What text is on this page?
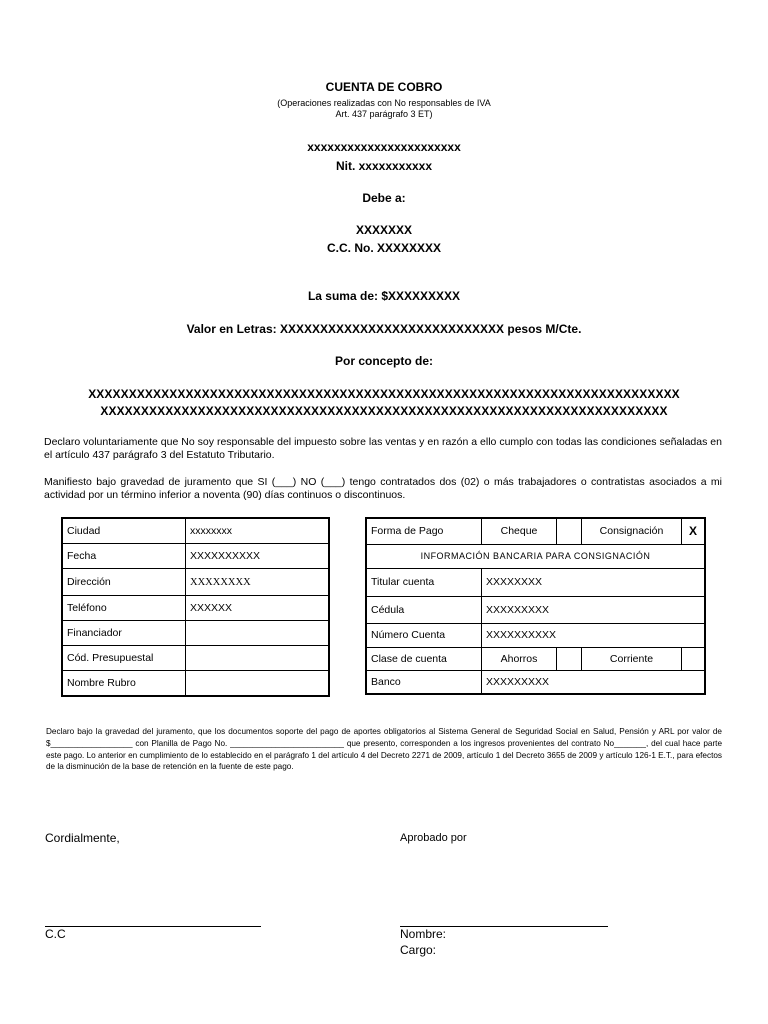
CUENTA DE COBRO
(Operaciones realizadas con No responsables de IVA
Art. 437 parágrafo 3 ET)
xxxxxxxxxxxxxxxxxxxxxxx
Nit. xxxxxxxxxxx
Debe a:
XXXXXXX
C.C. No. XXXXXXXX
La suma de: $XXXXXXXXX
Valor en Letras: XXXXXXXXXXXXXXXXXXXXXXXXXXXX pesos M/Cte.
Por concepto de:
XXXXXXXXXXXXXXXXXXXXXXXXXXXXXXXXXXXXXXXXXXXXXXXXXXXXXXXXXXXXXXXXXXXXXXXXX
XXXXXXXXXXXXXXXXXXXXXXXXXXXXXXXXXXXXXXXXXXXXXXXXXXXXXXXXXXXXXXXXXXXXXX
Declaro voluntariamente que No soy responsable del impuesto sobre las ventas y en razón a ello cumplo con todas las condiciones señaladas en el artículo 437 parágrafo 3 del Estatuto Tributario.
Manifiesto bajo gravedad de juramento que SI (___) NO (___) tengo contratados dos (02) o más trabajadores o contratistas asociados a mi actividad por un término inferior a noventa (90) días continuos o discontinuos.
Ciudad	xxxxxxxx
Fecha	XXXXXXXXXX
Dirección	XXXXXXXX
Teléfono	XXXXXX
Financiador	
Cód. Presupuestal	
Nombre Rubro	
Forma de Pago	Cheque		Consignación	X
INFORMACIÓN BANCARIA PARA CONSIGNACIÓN				
Titular cuenta	XXXXXXXX			
Cédula	XXXXXXXXX			
Número Cuenta	XXXXXXXXXX			
Clase de cuenta	Ahorros		Corriente	
Banco	XXXXXXXXX			
Declaro bajo la gravedad del juramento, que los documentos soporte del pago de aportes obligatorios al Sistema General de Seguridad Social en Salud, Pensión y ARL por valor de $__________________ con Planilla de Pago No. _________________________ que presento, corresponden a los ingresos provenientes del contrato No_______, del cual hace parte este pago. Lo anterior en cumplimiento de lo establecido en el parágrafo 1 del artículo 4 del Decreto 2271 de 2009, artículo 1 del Decreto 3655 de 2009 y artículo 126-1 E.T., para efectos de la disminución de la base de retención en la fuente de este pago.
Cordialmente,	Aprobado por
C.C	Nombre:
Cargo:
